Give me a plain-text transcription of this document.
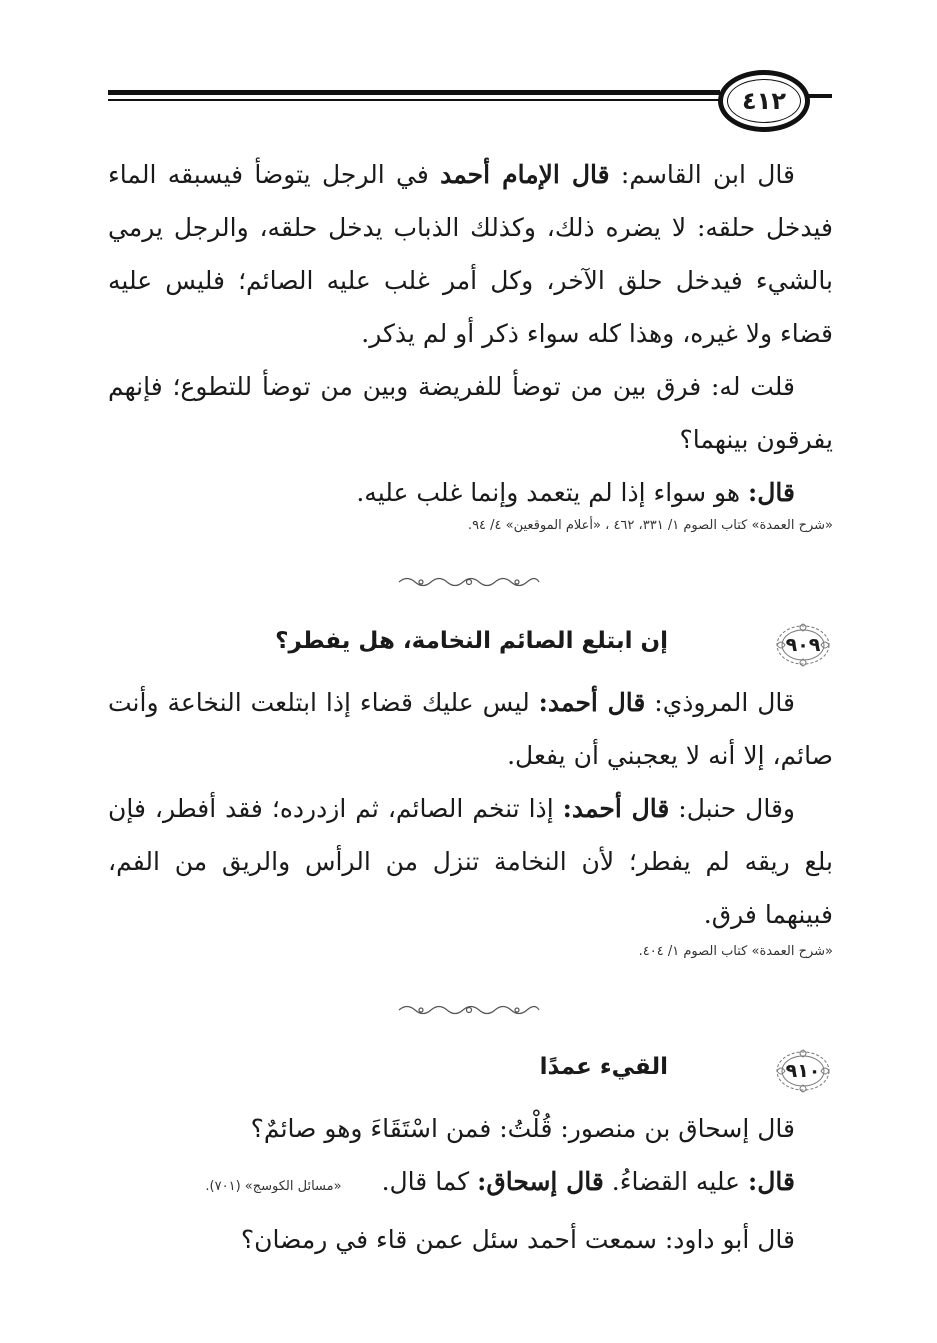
٤١٢

قال ابن القاسم: قال الإمام أحمد في الرجل يتوضأ فيسبقه الماء فيدخل حلقه: لا يضره ذلك، وكذلك الذباب يدخل حلقه، والرجل يرمي بالشيء فيدخل حلق الآخر، وكل أمر غلب عليه الصائم؛ فليس عليه قضاء ولا غيره، وهذا كله سواء ذكر أو لم يذكر.

قلت له: فرق بين من توضأ للفريضة وبين من توضأ للتطوع؛ فإنهم يفرقون بينهما؟

قال: هو سواء إذا لم يتعمد وإنما غلب عليه.

«شرح العمدة» كتاب الصوم ١/ ٣٣١، ٤٦٢ ، «أعلام الموقعين» ٤/ ٩٤.

٩٠٩
إن ابتلع الصائم النخامة، هل يفطر؟

قال المروذي: قال أحمد: ليس عليك قضاء إذا ابتلعت النخاعة وأنت صائم، إلا أنه لا يعجبني أن يفعل.

وقال حنبل: قال أحمد: إذا تنخم الصائم، ثم ازدرده؛ فقد أفطر، فإن بلع ريقه لم يفطر؛ لأن النخامة تنزل من الرأس والريق من الفم، فبينهما فرق.

«شرح العمدة» كتاب الصوم ١/ ٤٠٤.

٩١٠
القيء عمدًا

قال إسحاق بن منصور: قُلْتُ: فمن اسْتَقَاءَ وهو صائمٌ؟

قال: عليه القضاءُ. قال إسحاق: كما قال.«مسائل الكوسج» (٧٠١).

قال أبو داود: سمعت أحمد سئل عمن قاء في رمضان؟
